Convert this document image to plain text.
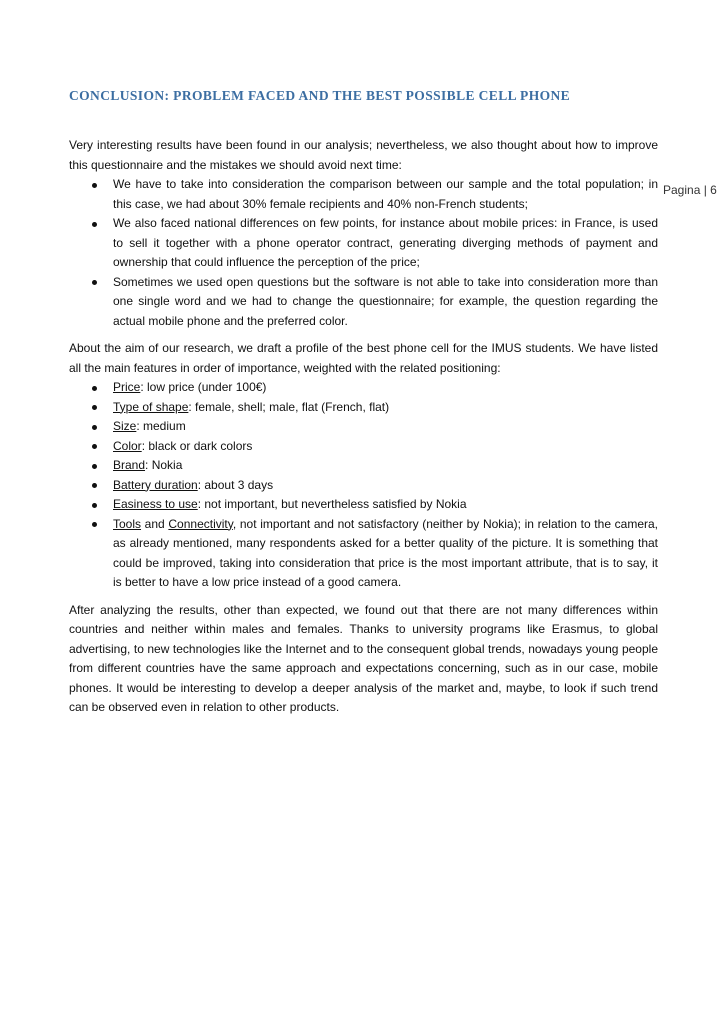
Pagina | 6
CONCLUSION: PROBLEM FACED AND THE BEST POSSIBLE CELL PHONE

Very interesting results have been found in our analysis; nevertheless, we also thought about how to improve this questionnaire and the mistakes we should avoid next time:

We have to take into consideration the comparison between our sample and the total population; in this case, we had about 30% female recipients and 40% non-French students;
We also faced national differences on few points, for instance about mobile prices: in France, is used to sell it together with a phone operator contract, generating diverging methods of payment and ownership that could influence the perception of the price;
Sometimes we used open questions but the software is not able to take into consideration more than one single word and we had to change the questionnaire; for example, the question regarding the actual mobile phone and the preferred color.

About the aim of our research, we draft a profile of the best phone cell for the IMUS students. We have listed all the main features in order of importance, weighted with the related positioning:

Price: low price (under 100€)
Type of shape: female, shell; male, flat (French, flat)
Size: medium
Color: black or dark colors
Brand: Nokia
Battery duration: about 3 days
Easiness to use: not important, but nevertheless satisfied by Nokia
Tools and Connectivity, not important and not satisfactory (neither by Nokia); in relation to the camera, as already mentioned, many respondents asked for a better quality of the picture. It is something that could be improved, taking into consideration that price is the most important attribute, that is to say, it is better to have a low price instead of a good camera.

After analyzing the results, other than expected, we found out that there are not many differences within countries and neither within males and females. Thanks to university programs like Erasmus, to global advertising, to new technologies like the Internet and to the consequent global trends, nowadays young people from different countries have the same approach and expectations concerning, such as in our case, mobile phones. It would be interesting to develop a deeper analysis of the market and, maybe, to look if such trend can be observed even in relation to other products.
